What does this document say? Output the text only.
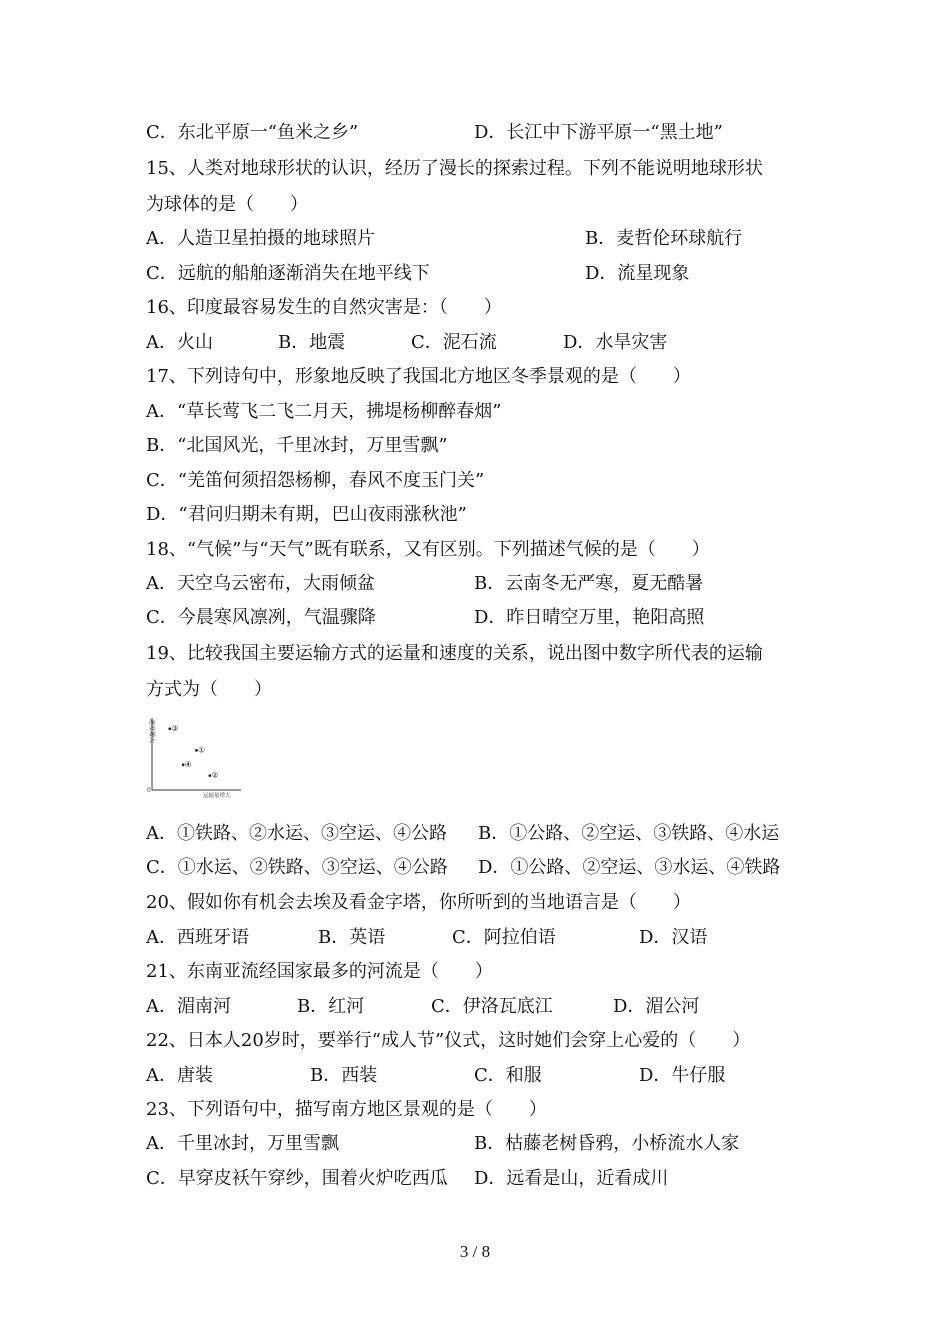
C．东北平原一“鱼米之乡”	D．长江中下游平原一“黑土地”
15、人类对地球形状的认识，经历了漫长的探索过程。下列不能说明地球形状
为球体的是（　　）
A．人造卫星拍摄的地球照片	B．麦哲伦环球航行
C．远航的船舶逐渐消失在地平线下	D．流星现象
16、印度最容易发生的自然灾害是：（　　）
A．火山	B．地震	C．泥石流	D．水旱灾害
17、下列诗句中，形象地反映了我国北方地区冬季景观的是（　　）
A．“草长莺飞二飞二月天，拂堤杨柳醉春烟”
B．“北国风光，千里冰封，万里雪飘”
C．“羌笛何须招怨杨柳，春风不度玉门关”
D．“君问归期未有期，巴山夜雨涨秋池”
18、“气候”与“天气”既有联系，又有区别。下列描述气候的是（　　）
A．天空乌云密布，大雨倾盆	B．云南冬无严寒，夏无酷暑
C．今晨寒风凛冽，气温骤降	D．昨日晴空万里，艳阳高照
19、比较我国主要运输方式的运量和速度的关系，说出图中数字所代表的运输
方式为（　　）
0
速度增大
运输量增大
③
①
④
②
A．①铁路、②水运、③空运、④公路 B．①公路、②空运、③铁路、④水运
C．①水运、②铁路、③空运、④公路 D．①公路、②空运、③水运、④铁路
20、假如你有机会去埃及看金字塔，你所听到的当地语言是（　　）
A．西班牙语	B．英语	C．阿拉伯语	D．汉语
21、东南亚流经国家最多的河流是（　　）
A．湄南河	B．红河	C．伊洛瓦底江	D．湄公河
22、日本人20岁时，要举行“成人节”仪式，这时她们会穿上心爱的（　　）
A．唐装	B．西装	C．和服	D．牛仔服
23、下列语句中，描写南方地区景观的是（　　）
A．千里冰封，万里雪飘	B．枯藤老树昏鸦，小桥流水人家
C．早穿皮袄午穿纱，围着火炉吃西瓜 D．远看是山，近看成川
3 / 8
